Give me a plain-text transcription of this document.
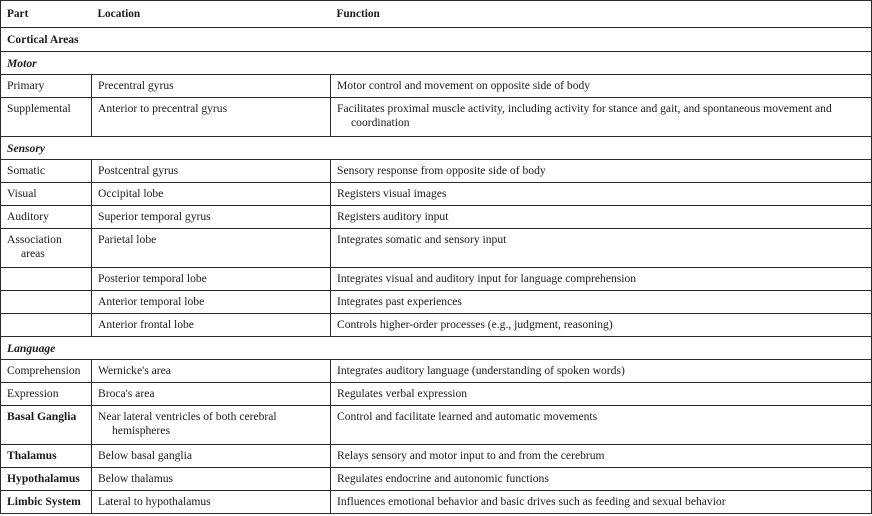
Part	Location	Function
Cortical Areas		
Motor		
Primary	Precentral gyrus	Motor control and movement on opposite side of body
Supplemental	Anterior to precentral gyrus	Facilitates proximal muscle activity, including activity for stance and gait, and spontaneous movement and coordination

Sensory		
Somatic	Postcentral gyrus	Sensory response from opposite side of body
Visual	Occipital lobe	Registers visual images
Auditory	Superior temporal gyrus	Registers auditory input

Association areas	Parietal lobe	Integrates somatic and sensory input
	Posterior temporal lobe	Integrates visual and auditory input for language comprehension
	Anterior temporal lobe	Integrates past experiences
	Anterior frontal lobe	Controls higher-order processes (e.g., judgment, reasoning)
Language		
Comprehension	Wernicke's area	Integrates auditory language (understanding of spoken words)
Expression	Broca's area	Regulates verbal expression
Basal Ganglia	Near lateral ventricles of both cerebral hemispheres	Control and facilitate learned and automatic movements
Thalamus	Below basal ganglia	Relays sensory and motor input to and from the cerebrum
Hypothalamus	Below thalamus	Regulates endocrine and autonomic functions
Limbic System	Lateral to hypothalamus	Influences emotional behavior and basic drives such as feeding and sexual behavior
